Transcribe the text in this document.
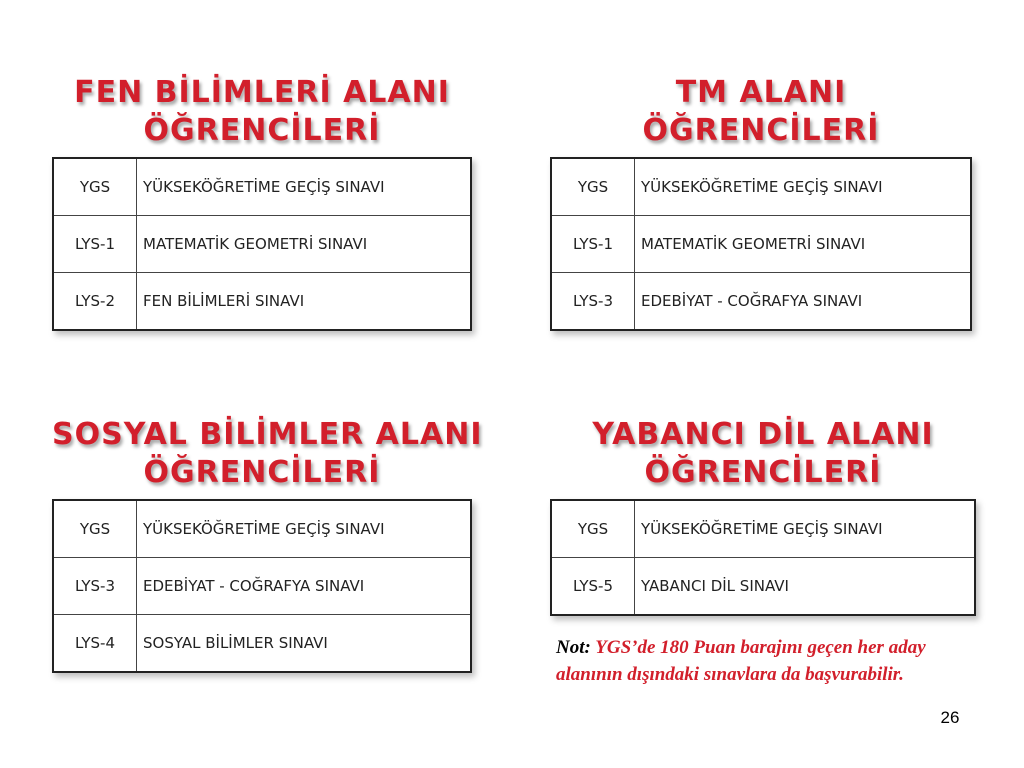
FEN BİLİMLERİ ALANI
ÖĞRENCİLERİ
YGS	YÜKSEKÖĞRETİME GEÇİŞ SINAVI
LYS-1	MATEMATİK GEOMETRİ SINAVI
LYS-2	FEN BİLİMLERİ SINAVI
TM ALANI
ÖĞRENCİLERİ
YGS	YÜKSEKÖĞRETİME GEÇİŞ SINAVI
LYS-1	MATEMATİK GEOMETRİ SINAVI
LYS-3	EDEBİYAT - COĞRAFYA SINAVI
SOSYAL BİLİMLER ALANI
ÖĞRENCİLERİ
YGS	YÜKSEKÖĞRETİME GEÇİŞ SINAVI
LYS-3	EDEBİYAT - COĞRAFYA SINAVI
LYS-4	SOSYAL BİLİMLER SINAVI
YABANCI DİL ALANI
ÖĞRENCİLERİ
YGS	YÜKSEKÖĞRETİME GEÇİŞ SINAVI
LYS-5	YABANCI DİL SINAVI
Not: YGS’de 180 Puan barajını geçen her aday alanının dışındaki sınavlara da başvurabilir.
26
